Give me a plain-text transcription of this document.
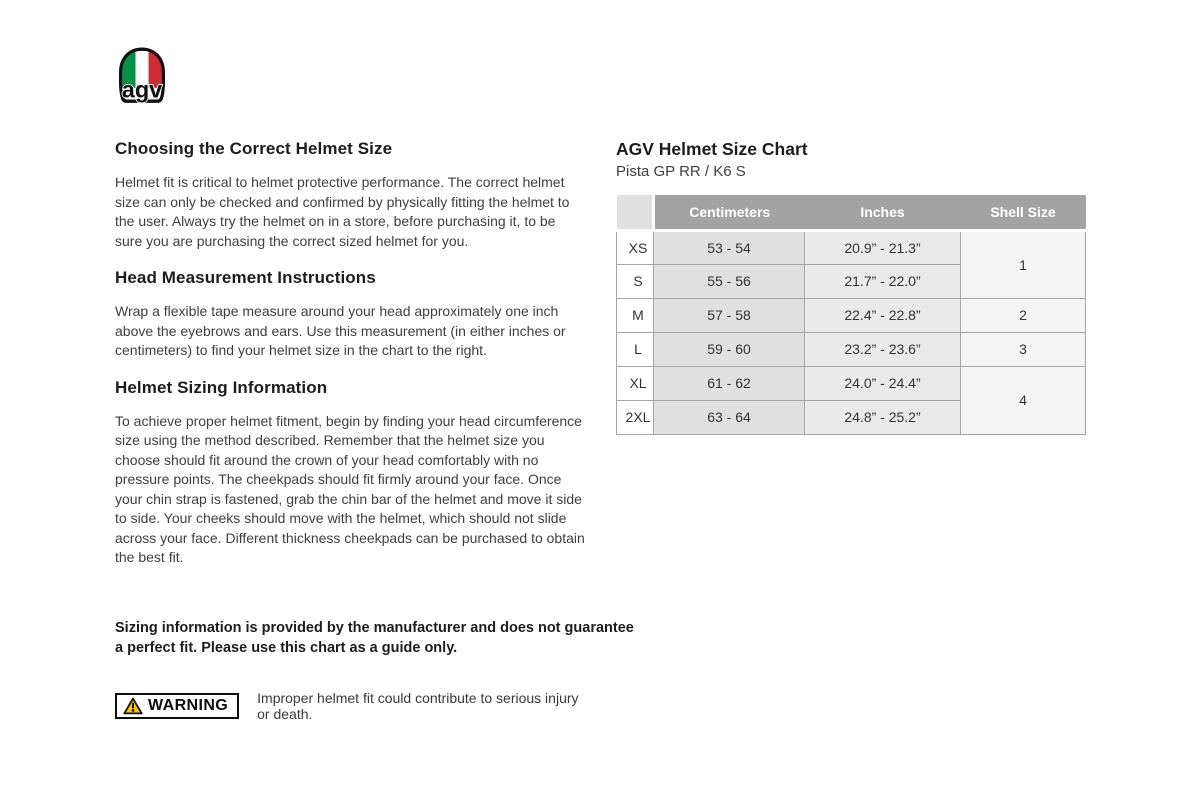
agv
Choosing the Correct Helmet Size

Helmet fit is critical to helmet protective performance. The correct helmet size can only be checked and confirmed by physically fitting the helmet to the user. Always try the helmet on in a store, before purchasing it, to be sure you are purchasing the correct sized helmet for you.

Head Measurement Instructions

Wrap a flexible tape measure around your head approximately one inch above the eyebrows and ears. Use this measurement (in either inches or centimeters) to find your helmet size in the chart to the right.

Helmet Sizing Information

To achieve proper helmet fitment, begin by finding your head circumference size using the method described. Remember that the helmet size you choose should fit around the crown of your head comfortably with no pressure points. The cheekpads should fit firmly around your face. Once your chin strap is fastened, grab the chin bar of the helmet and move it side to side. Your cheeks should move with the helmet, which should not slide across your face. Different thickness cheekpads can be purchased to obtain the best fit.

Sizing information is provided by the manufacturer and does not guarantee a perfect fit. Please use this chart as a guide only.

WARNING Improper helmet fit could contribute to serious injury or death.
AGV Helmet Size Chart
Pista GP RR / K6 S
	Centimeters	Inches	Shell Size
XS	53 - 54	20.9” - 21.3”	1
S	55 - 56	21.7” - 22.0”	
M	57 - 58	22.4” - 22.8”	2
L	59 - 60	23.2” - 23.6”	3
XL	61 - 62	24.0” - 24.4”	4
2XL	63 - 64	24.8” - 25.2”	
